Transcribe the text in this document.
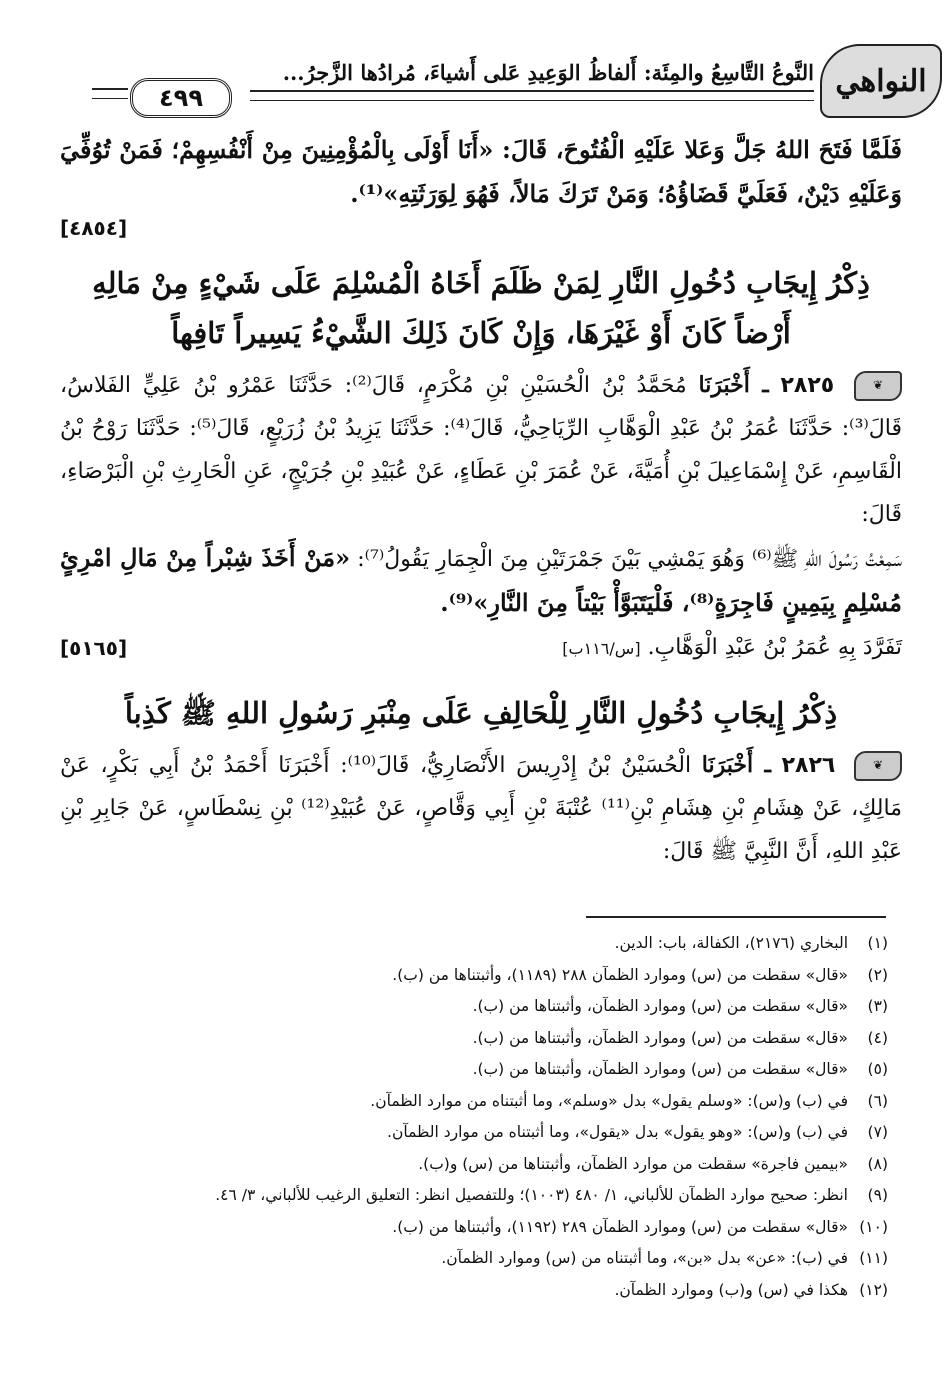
النواهي
النَّوعُ التَّاسِعُ والمِئَة: أَلفاظُ الوَعِيدِ عَلى أَشياءَ، مُرادُها الزَّجرُ...
٤٩٩
فَلَمَّا فَتَحَ اللهُ جَلَّ وَعَلا عَلَيْهِ الْفُتُوحَ، قَالَ: «أَنَا أَوْلَى بِالْمُؤْمِنِينَ مِنْ أَنْفُسِهِمْ؛ فَمَنْ تُوُفِّيَ وَعَلَيْهِ دَيْنٌ، فَعَلَيَّ قَضَاؤُهُ؛ وَمَنْ تَرَكَ مَالاً، فَهُوَ لِوَرَثَتِهِ»⁽¹⁾.
[٤٨٥٤]
ذِكْرُ إِيجَابِ دُخُولِ النَّارِ لِمَنْ ظَلَمَ أَخَاهُ الْمُسْلِمَ عَلَى شَيْءٍ مِنْ مَالِهِ أَرْضاً كَانَ أَوْ غَيْرَهَا، وَإِنْ كَانَ ذَلِكَ الشَّيْءُ يَسِيراً تَافِهاً

❦ ٢٨٢٥ ـ أَخْبَرَنَا مُحَمَّدُ بْنُ الْحُسَيْنِ بْنِ مُكْرَمٍ، قَالَ⁽²⁾: حَدَّثَنَا عَمْرُو بْنُ عَلِيٍّ الفَلاسُ، قَالَ⁽³⁾: حَدَّثَنَا عُمَرُ بْنُ عَبْدِ الْوَهَّابِ الرِّيَاحِيُّ، قَالَ⁽⁴⁾: حَدَّثَنَا يَزِيدُ بْنُ زُرَيْعٍ، قَالَ⁽⁵⁾: حَدَّثَنَا رَوْحُ بْنُ الْقَاسِمِ، عَنْ إِسْمَاعِيلَ بْنِ أُمَيَّةَ، عَنْ عُمَرَ بْنِ عَطَاءٍ، عَنْ عُبَيْدِ بْنِ جُرَيْجٍ، عَنِ الْحَارِثِ بْنِ الْبَرْصَاءِ، قَالَ:

سَمِعْتُ رَسُولَ اللهِ ﷺ⁽⁶⁾ وَهُوَ يَمْشِي بَيْنَ جَمْرَتَيْنِ مِنَ الْجِمَارِ يَقُولُ⁽⁷⁾: «مَنْ أَخَذَ شِبْراً مِنْ مَالِ امْرِئٍ مُسْلِمٍ بِيَمِينٍ فَاجِرَةٍ⁽⁸⁾، فَلْيَتَبَوَّأْ بَيْتاً مِنَ النَّارِ»⁽⁹⁾.

تَفَرَّدَ بِهِ عُمَرُ بْنُ عَبْدِ الْوَهَّابِ. [س/١١٦ب]
[٥١٦٥]
ذِكْرُ إِيجَابِ دُخُولِ النَّارِ لِلْحَالِفِ عَلَى مِنْبَرِ رَسُولِ اللهِ ﷺ كَذِباً

❦ ٢٨٢٦ ـ أَخْبَرَنَا الْحُسَيْنُ بْنُ إِدْرِيسَ الأَنْصَارِيُّ، قَالَ⁽¹⁰⁾: أَخْبَرَنَا أَحْمَدُ بْنُ أَبِي بَكْرٍ، عَنْ مَالِكٍ، عَنْ هِشَامِ بْنِ هِشَامِ بْنِ⁽¹¹⁾ عُتْبَةَ بْنِ أَبِي وَقَّاصٍ، عَنْ عُبَيْدِ⁽¹²⁾ بْنِ نِسْطَاسٍ، عَنْ جَابِرِ بْنِ عَبْدِ اللهِ، أَنَّ النَّبِيَّ ﷺ قَالَ:

(١)البخاري (٢١٧٦)، الكفالة، باب: الدين.
(٢)«قال» سقطت من (س) وموارد الظمآن ٢٨٨ (١١٨٩)، وأثبتناها من (ب).
(٣)«قال» سقطت من (س) وموارد الظمآن، وأثبتناها من (ب).
(٤)«قال» سقطت من (س) وموارد الظمآن، وأثبتناها من (ب).
(٥)«قال» سقطت من (س) وموارد الظمآن، وأثبتناها من (ب).
(٦)في (ب) و(س): «وسلم يقول» بدل «وسلم»، وما أثبتناه من موارد الظمآن.
(٧)في (ب) و(س): «وهو يقول» بدل «يقول»، وما أثبتناه من موارد الظمآن.
(٨)«بيمين فاجرة» سقطت من موارد الظمآن، وأثبتناها من (س) و(ب).
(٩)انظر: صحيح موارد الظمآن للألباني، ١/ ٤٨٠ (١٠٠٣)؛ وللتفصيل انظر: التعليق الرغيب للألباني، ٣/ ٤٦.
(١٠)«قال» سقطت من (س) وموارد الظمآن ٢٨٩ (١١٩٢)، وأثبتناها من (ب).
(١١)في (ب): «عن» بدل «بن»، وما أثبتناه من (س) وموارد الظمآن.
(١٢)هكذا في (س) و(ب) وموارد الظمآن.
